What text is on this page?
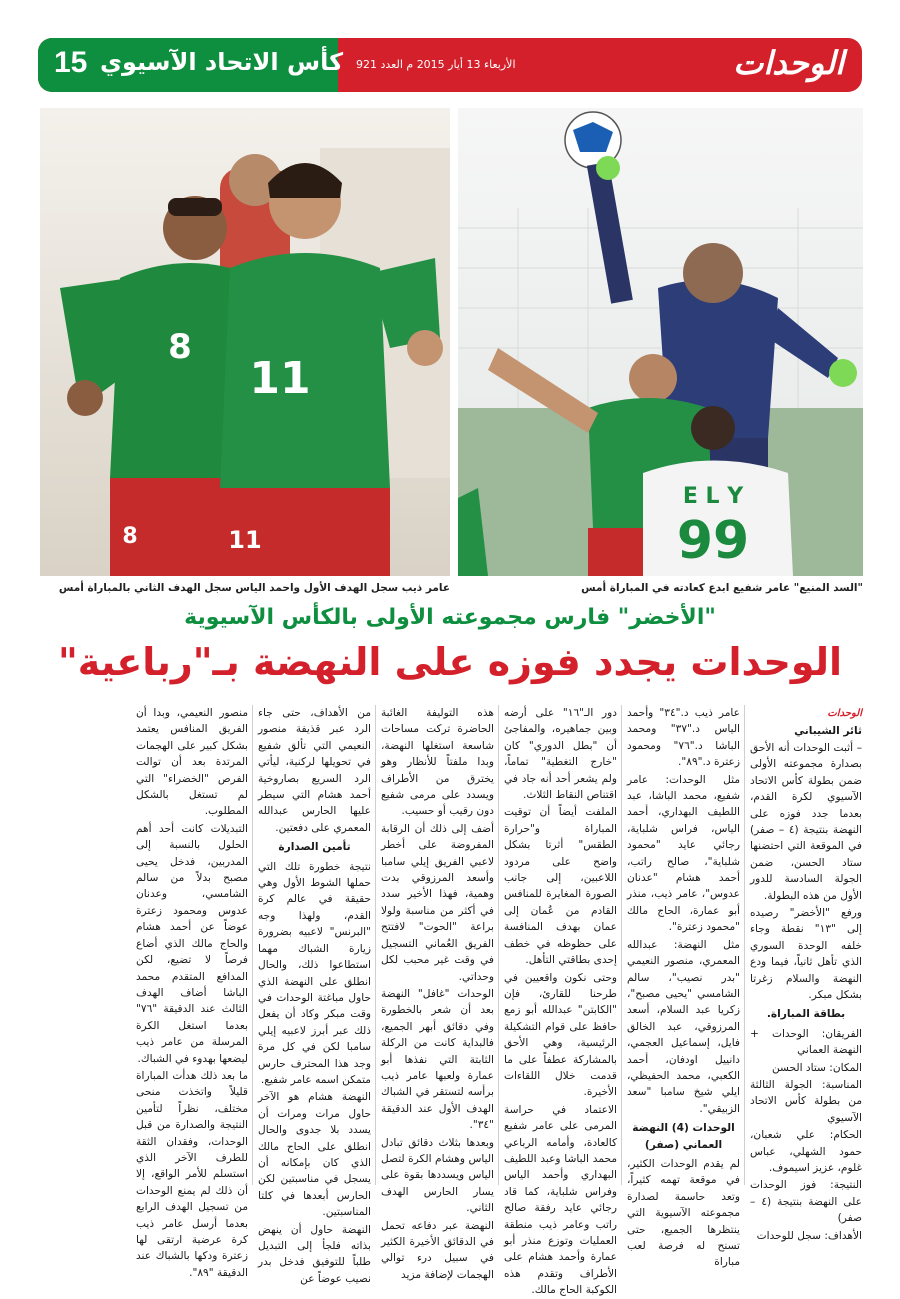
15 كأس الاتحاد الآسيوي الأربعاء 13 أيار 2015 م العدد 921	الوحدات
8
8
11
11
E L Y
99
عامر ذيب سجل الهدف الأول واحمد الياس سجل الهدف الثاني بالمباراة أمس	"السد المنيع" عامر شفيع ابدع كعادته في المباراة أمس
"الأخضر" فارس مجموعته الأولى بالكأس الآسيوية
الوحدات يجدد فوزه على النهضة بـ"رباعية"

الوحدات

ثائر الشيباني

– أثبت الوحدات أنه الأحق بصدارة مجموعته الأولى ضمن بطولة كأس الاتحاد الآسيوي لكرة القدم، بعدما جدد فوزه على النهضة بنتيجة (٤ – صفر) في الموقعة التي احتضنها ستاد الحسن، ضمن الجولة السادسة للدور الأول من هذه البطولة.

ورفع "الأخضر" رصيده إلى "١٣" نقطة وجاء خلفه الوحدة السوري الذي تأهل ثانياً، فيما ودع النهضة والسلام زغرتا بشكل مبكر.

بطاقة المباراة.

الفريقان: الوحدات + النهضة العماني

المكان: ستاد الحسن

المناسبة: الجولة الثالثة من بطولة كأس الاتحاد الآسيوي

الحكام: علي شعبان، حمود الشهلي، عباس غلوم، عزيز اسيموف.

النتيجة: فوز الوحدات على النهضة بنتيجة (٤ – صفر)

الأهداف: سجل للوحدات

عامر ذيب د."٣٤" وأحمد الياس د."٣٧" ومحمد الباشا د."٧٦" ومحمود زعترة د."٨٩".

مثل الوحدات: عامر شفيع، محمد الباشا، عبد اللطيف البهداري، أحمد الياس، فراس شلباية، رجائي عايد "محمود شلباية"، صالح راتب، أحمد هشام "عدنان عدوس"، عامر ذيب، منذر أبو عمارة، الحاج مالك "محمود زعترة".

مثل النهضة: عبدالله المعمري، منصور النعيمي "بدر نصيب"، سالم الشامسي "يحيى مصبح"، زكريا عبد السلام، أسعد المرزوقي، عبد الخالق فايل، إسماعيل العجمي، دانييل اودفان، أحمد الكعبي، محمد الحفيظي، ايلي شيخ سامبا "سعد الزبيقي".

الوحدات (4) النهضة العماني (صفر)

لم يقدم الوحدات الكثير، في موقعة تهمه كثيراً، وتعد حاسمة لصدارة مجموعته الآسيوية التي ينتظرها الجميع، حتى تسنح له فرصة لعب مباراة

دور الـ"١٦" على أرضه وبين جماهيره، والمفاجئ أن "بطل الدوري" كان "خارج التغطية" تماماً، ولم يشعر أحد أنه جاد في اقتناص النقاط الثلاث.

الملفت أيضاً أن توقيت المباراة و"حرارة الطقس" أثرتا بشكل واضح على مردود اللاعبين، إلى جانب الصورة المغايرة للمنافس القادم من عُمان إلى عمان بهدف المنافسة على حظوظه في خطف إحدى بطاقتي التأهل.

وحتى نكون واقعيين في طرحنا للقارئ، فإن "الكابتن" عبدالله أبو زمع حافظ على قوام التشكيلة الرئيسية، وهي الأحق بالمشاركة عطفاً على ما قدمت خلال اللقاءات الأخيرة.

الاعتماد في حراسة المرمى على عامر شفيع كالعادة، وأمامه الرباعي محمد الباشا وعبد اللطيف البهداري وأحمد الياس وفراس شلباية، كما قاد رجائي عايد رفقة صالح راتب وعامر ذيب منطقة العمليات وتوزع منذر أبو عمارة وأحمد هشام على الأطراف وتقدم هذه الكوكبة الحاج مالك.

هذه التوليفة الغائبة الحاضرة تركت مساحات شاسعة استغلها النهضة، وبدا ملفتاً للأنظار وهو يخترق من الأطراف ويسدد على مرمى شفيع دون رقيب أو حسيب.

أضف إلى ذلك أن الرقابة المفروضة على أخطر لاعبي الفريق إيلي سامبا وأسعد المرزوقي بدت وهمية، فهذا الأخير سدد في أكثر من مناسبة ولولا براعة "الحوت" لافتتح الفريق العُماني التسجيل في وقت غير محبب لكل وحداتي.

الوحدات "غافل" النهضة بعد أن شعر بالخطورة وفي دقائق أبهر الجميع، فالبداية كانت من الركلة الثابتة التي نفذها أبو عمارة ولعبها عامر ذيب برأسه لتستقر في الشباك الهدف الأول عند الدقيقة "٣٤".

وبعدها بثلاث دقائق تبادل الياس وهشام الكرة لتصل الياس ويسددها بقوة على يسار الحارس الهدف الثاني.

النهضة عبر دفاعه تحمل في الدقائق الأخيرة الكثير في سبيل درء توالي الهجمات لإضافة مزيد

من الأهداف، حتى جاء الرد عبر قذيفة منصور النعيمي التي تألق شفيع في تحويلها لركنية، ليأتي الرد السريع بصاروخية أحمد هشام التي سيطر عليها الحارس عبدالله المعمري على دفعتين.

تأمين الصدارة

نتيجة خطورة تلك التي حملها الشوط الأول وهي حقيقة في عالم كرة القدم، ولهذا وجه "البرنس" لاعبيه بضرورة زيارة الشباك مهما استطاعوا ذلك، والحال انطلق على النهضة الذي حاول مباغتة الوحدات في وقت مبكر وكاد أن يفعل ذلك عبر أبرز لاعبيه إيلي سامبا لكن في كل مرة وجد هذا المحترف حارس متمكن اسمه عامر شفيع.

النهضة هشام هو الآخر حاول مرات ومرات أن يسدد بلا جدوى والحال انطلق على الحاج مالك الذي كان بإمكانه أن يسجل في مناسبتين لكن الحارس أبعدها في كلتا المناسبتين.

النهضة حاول أن ينهض بذاته فلجأ إلى التبديل طلباً للتوفيق فدخل بدر نصيب عوضاً عن

منصور النعيمي، وبدا أن الفريق المنافس يعتمد بشكل كبير على الهجمات المرتدة بعد أن توالت الفرص "الخضراء" التي لم تستغل بالشكل المطلوب.

التبديلات كانت أحد أهم الحلول بالنسبة إلى المدربين، فدخل يحيى مصبح بدلاً من سالم الشامسي، وعدنان عدوس ومحمود زعترة عوضاً عن أحمد هشام والحاج مالك الذي أضاع فرصاً لا تضيع، لكن المدافع المتقدم محمد الباشا أضاف الهدف الثالث عند الدقيقة "٧٦" بعدما استغل الكرة المرسلة من عامر ذيب ليضعها بهدوء في الشباك.

ما بعد ذلك هدأت المباراة قليلاً واتخذت منحى مختلف، نظراً لتأمين النتيجة والصدارة من قبل الوحدات، وفقدان الثقة للطرف الآخر الذي استسلم للأمر الواقع، إلا أن ذلك لم يمنع الوحدات من تسجيل الهدف الرابع بعدما أرسل عامر ذيب كرة عرضية ارتقى لها زعترة ودكها بالشباك عند الدقيقة "٨٩".
